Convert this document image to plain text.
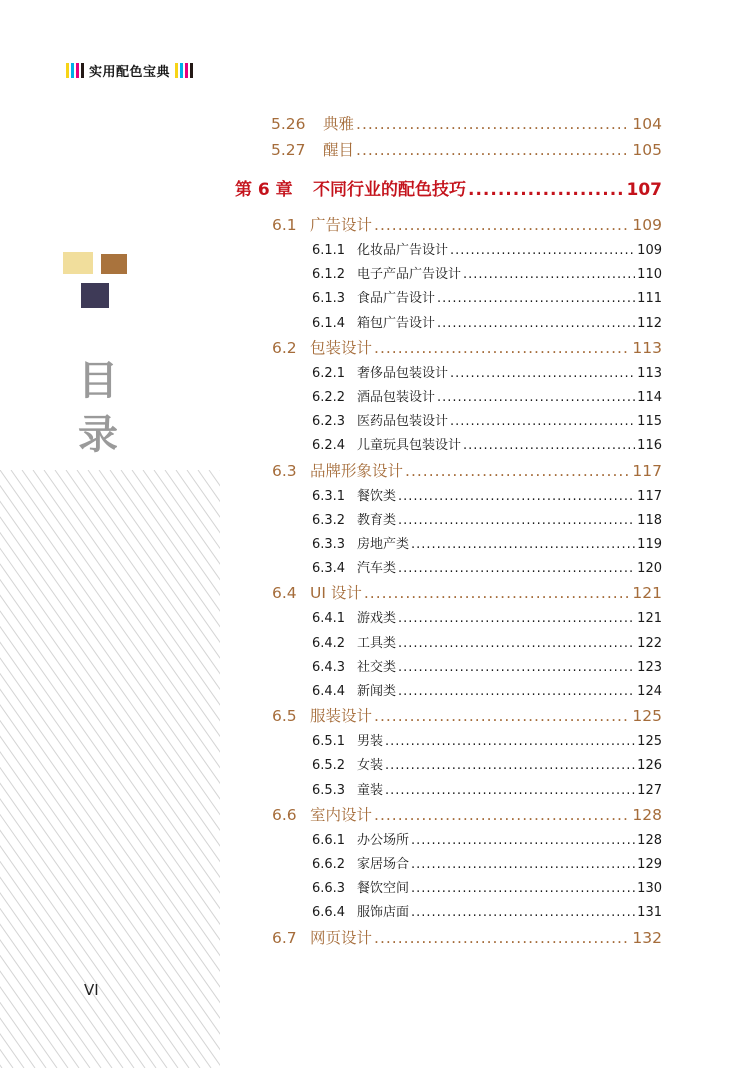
实用配色宝典
目
录
5.26	典雅 .....	104
5.27	醒目 .....	105
第 6 章	不同行业的配色技巧 .....	107
6.1 广告设计 .....	109
6.1.1 化妆品广告设计 .....	109
6.1.2 电子产品广告设计 .....	110
6.1.3 食品广告设计 .....	111
6.1.4 箱包广告设计 .....	112
6.2 包装设计 .....	113
6.2.1 奢侈品包装设计 .....	113
6.2.2 酒品包装设计 .....	114
6.2.3 医药品包装设计 .....	115
6.2.4 儿童玩具包装设计 .....	116
6.3 品牌形象设计 .....	117
6.3.1 餐饮类 .....	117
6.3.2 教育类 .....	118
6.3.3 房地产类 .....	119
6.3.4 汽车类 .....	120
6.4 UI 设计 .....	121
6.4.1 游戏类 .....	121
6.4.2 工具类 .....	122
6.4.3 社交类 .....	123
6.4.4 新闻类 .....	124
6.5 服装设计 .....	125
6.5.1 男装 .....	125
6.5.2 女装 .....	126
6.5.3 童装 .....	127
6.6 室内设计 .....	128
6.6.1 办公场所 .....	128
6.6.2 家居场合 .....	129
6.6.3 餐饮空间 .....	130
6.6.4 服饰店面 .....	131
6.7 网页设计 .....	132
VI
